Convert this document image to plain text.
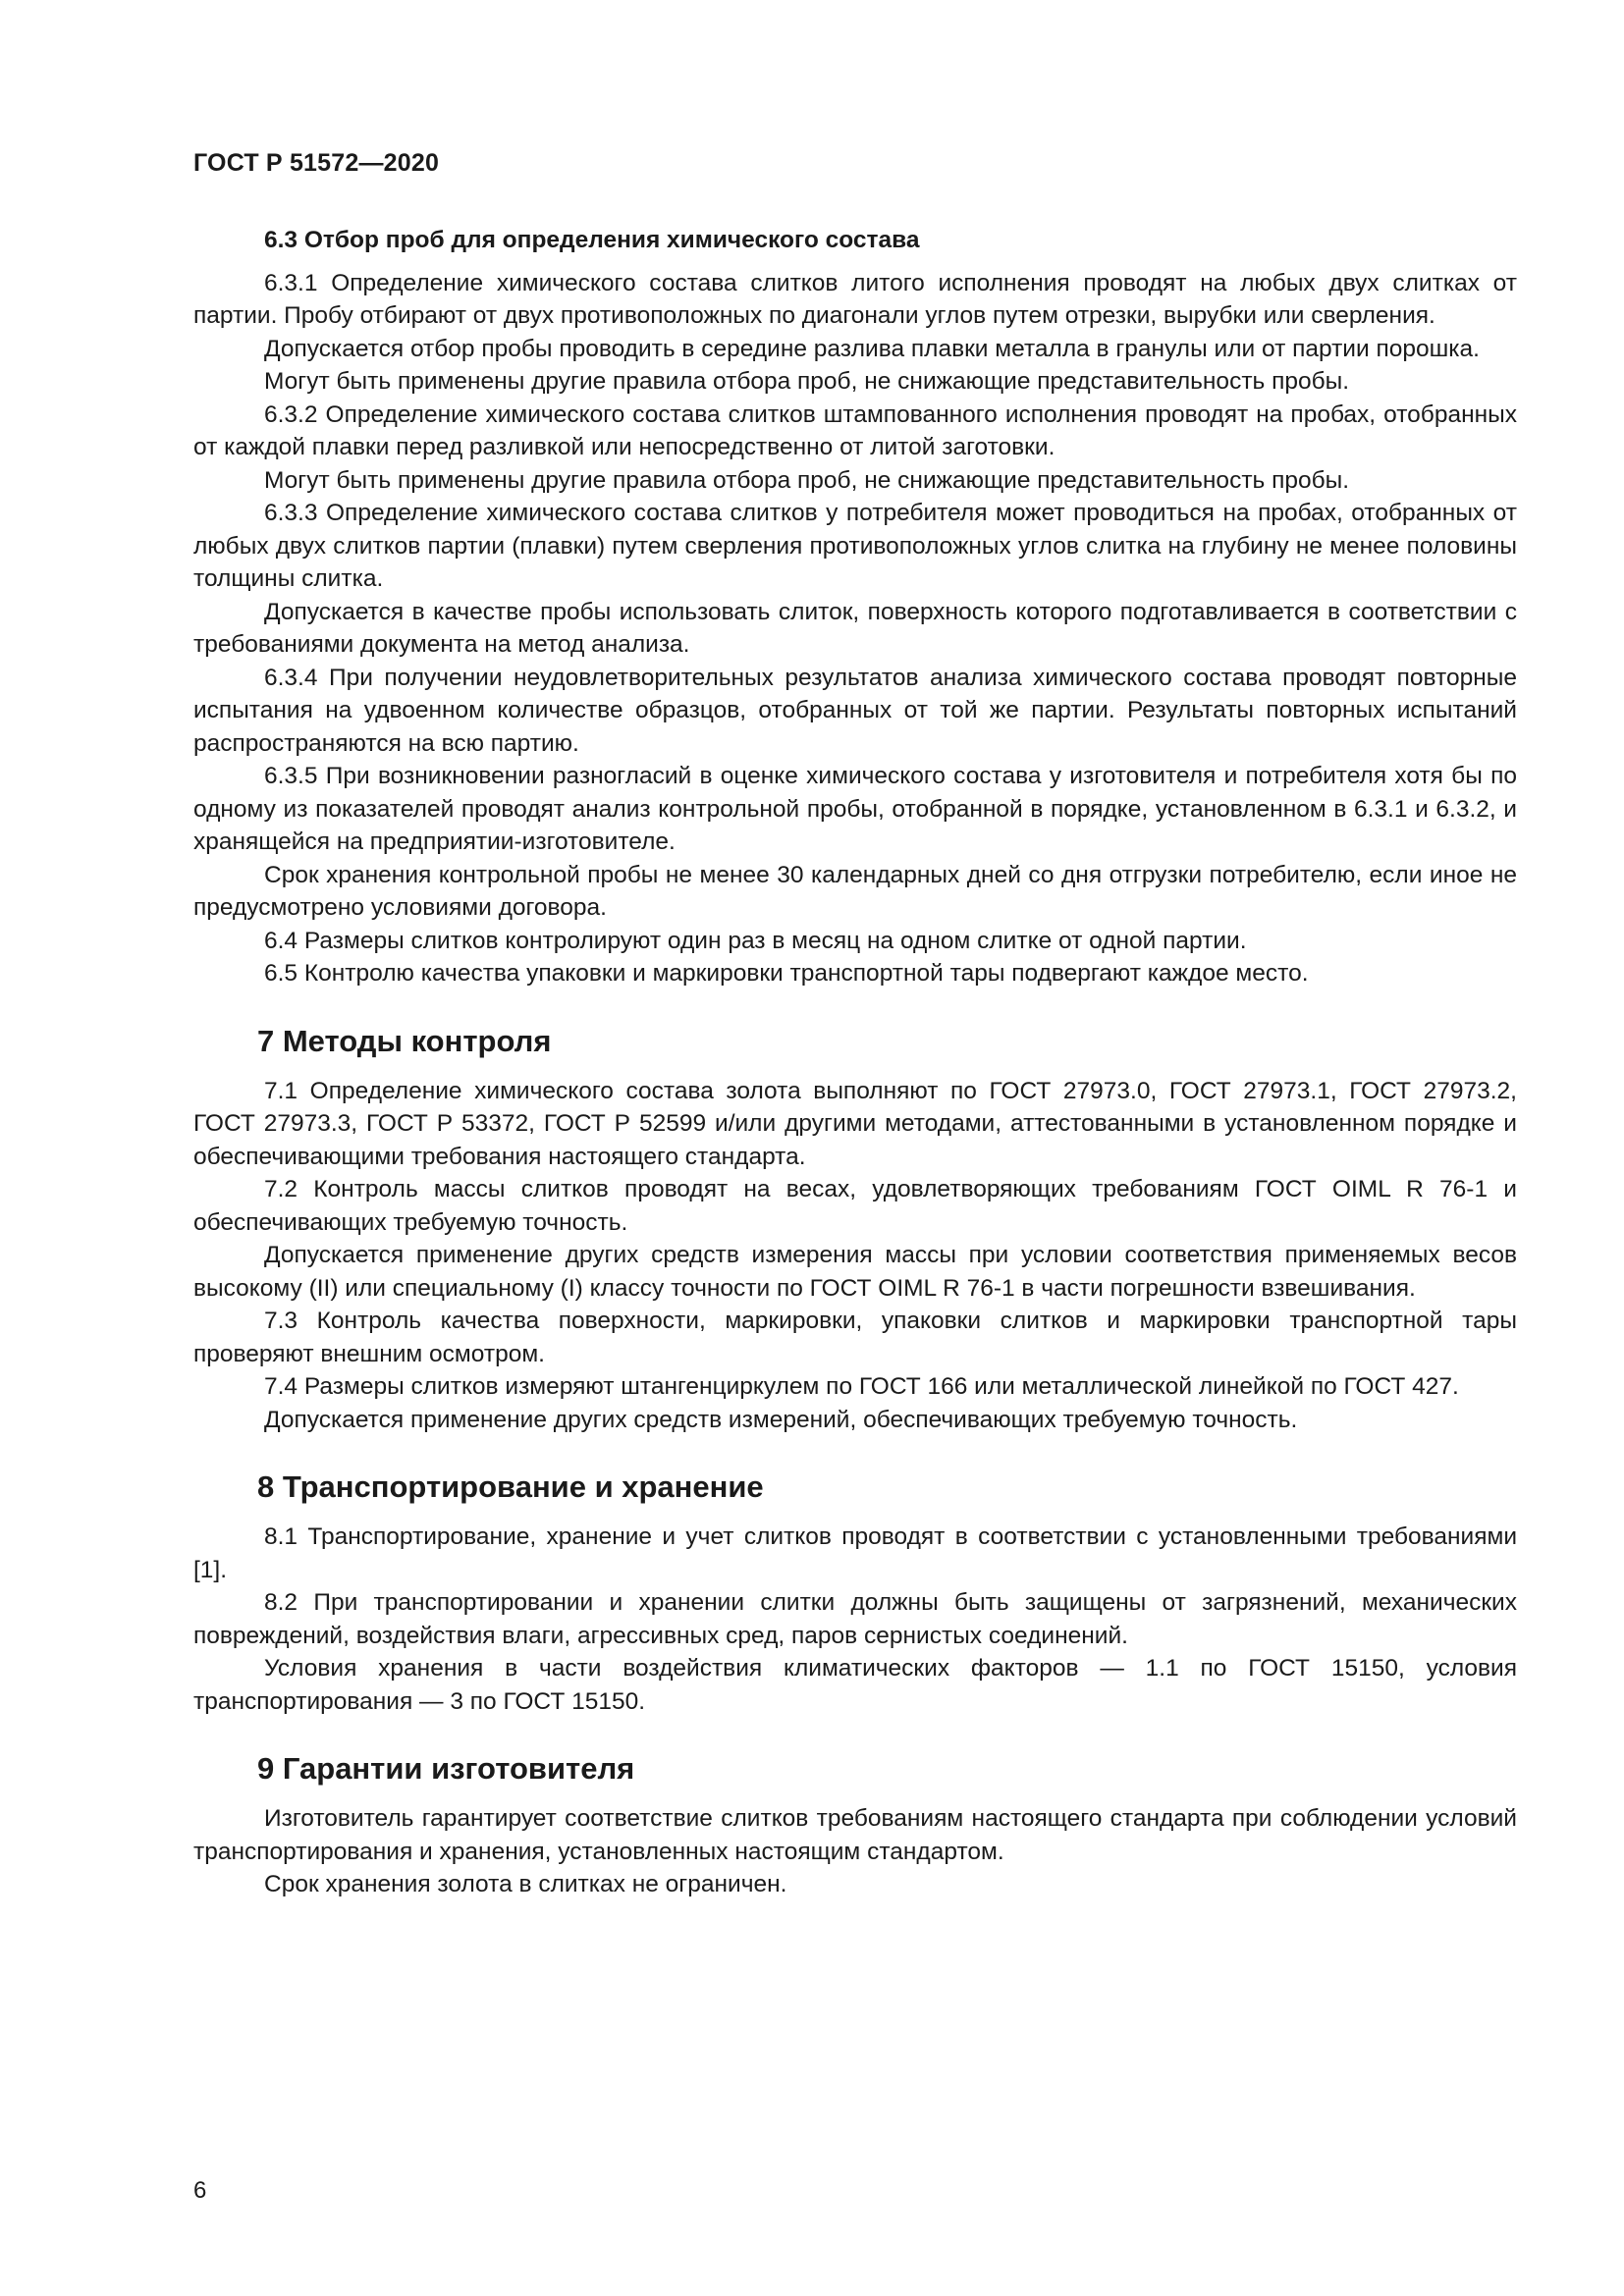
ГОСТ Р 51572—2020
6.3 Отбор проб для определения химического состава

6.3.1 Определение химического состава слитков литого исполнения проводят на любых двух слитках от партии. Пробу отбирают от двух противоположных по диагонали углов путем отрезки, вырубки или сверления.

Допускается отбор пробы проводить в середине разлива плавки металла в гранулы или от партии порошка.

Могут быть применены другие правила отбора проб, не снижающие представительность пробы.

6.3.2 Определение химического состава слитков штампованного исполнения проводят на пробах, отобранных от каждой плавки перед разливкой или непосредственно от литой заготовки.

Могут быть применены другие правила отбора проб, не снижающие представительность пробы.

6.3.3 Определение химического состава слитков у потребителя может проводиться на пробах, отобранных от любых двух слитков партии (плавки) путем сверления противоположных углов слитка на глубину не менее половины толщины слитка.

Допускается в качестве пробы использовать слиток, поверхность которого подготавливается в соответствии с требованиями документа на метод анализа.

6.3.4 При получении неудовлетворительных результатов анализа химического состава проводят повторные испытания на удвоенном количестве образцов, отобранных от той же партии. Результаты повторных испытаний распространяются на всю партию.

6.3.5 При возникновении разногласий в оценке химического состава у изготовителя и потребителя хотя бы по одному из показателей проводят анализ контрольной пробы, отобранной в порядке, установленном в 6.3.1 и 6.3.2, и хранящейся на предприятии-изготовителе.

Срок хранения контрольной пробы не менее 30 календарных дней со дня отгрузки потребителю, если иное не предусмотрено условиями договора.

6.4 Размеры слитков контролируют один раз в месяц на одном слитке от одной партии.

6.5 Контролю качества упаковки и маркировки транспортной тары подвергают каждое место.

7 Методы контроля

7.1 Определение химического состава золота выполняют по ГОСТ 27973.0, ГОСТ 27973.1, ГОСТ 27973.2, ГОСТ 27973.3, ГОСТ Р 53372, ГОСТ Р 52599 и/или другими методами, аттестованными в установленном порядке и обеспечивающими требования настоящего стандарта.

7.2 Контроль массы слитков проводят на весах, удовлетворяющих требованиям ГОСТ OIML R 76-1 и обеспечивающих требуемую точность.

Допускается применение других средств измерения массы при условии соответствия применяемых весов высокому (II) или специальному (I) классу точности по ГОСТ OIML R 76-1 в части погрешности взвешивания.

7.3 Контроль качества поверхности, маркировки, упаковки слитков и маркировки транспортной тары проверяют внешним осмотром.

7.4 Размеры слитков измеряют штангенциркулем по ГОСТ 166 или металлической линейкой по ГОСТ 427.

Допускается применение других средств измерений, обеспечивающих требуемую точность.

8 Транспортирование и хранение

8.1 Транспортирование, хранение и учет слитков проводят в соответствии с установленными требованиями [1].

8.2 При транспортировании и хранении слитки должны быть защищены от загрязнений, механических повреждений, воздействия влаги, агрессивных сред, паров сернистых соединений.

Условия хранения в части воздействия климатических факторов — 1.1 по ГОСТ 15150, условия транспортирования — 3 по ГОСТ 15150.

9 Гарантии изготовителя

Изготовитель гарантирует соответствие слитков требованиям настоящего стандарта при соблюдении условий транспортирования и хранения, установленных настоящим стандартом.

Срок хранения золота в слитках не ограничен.

6
